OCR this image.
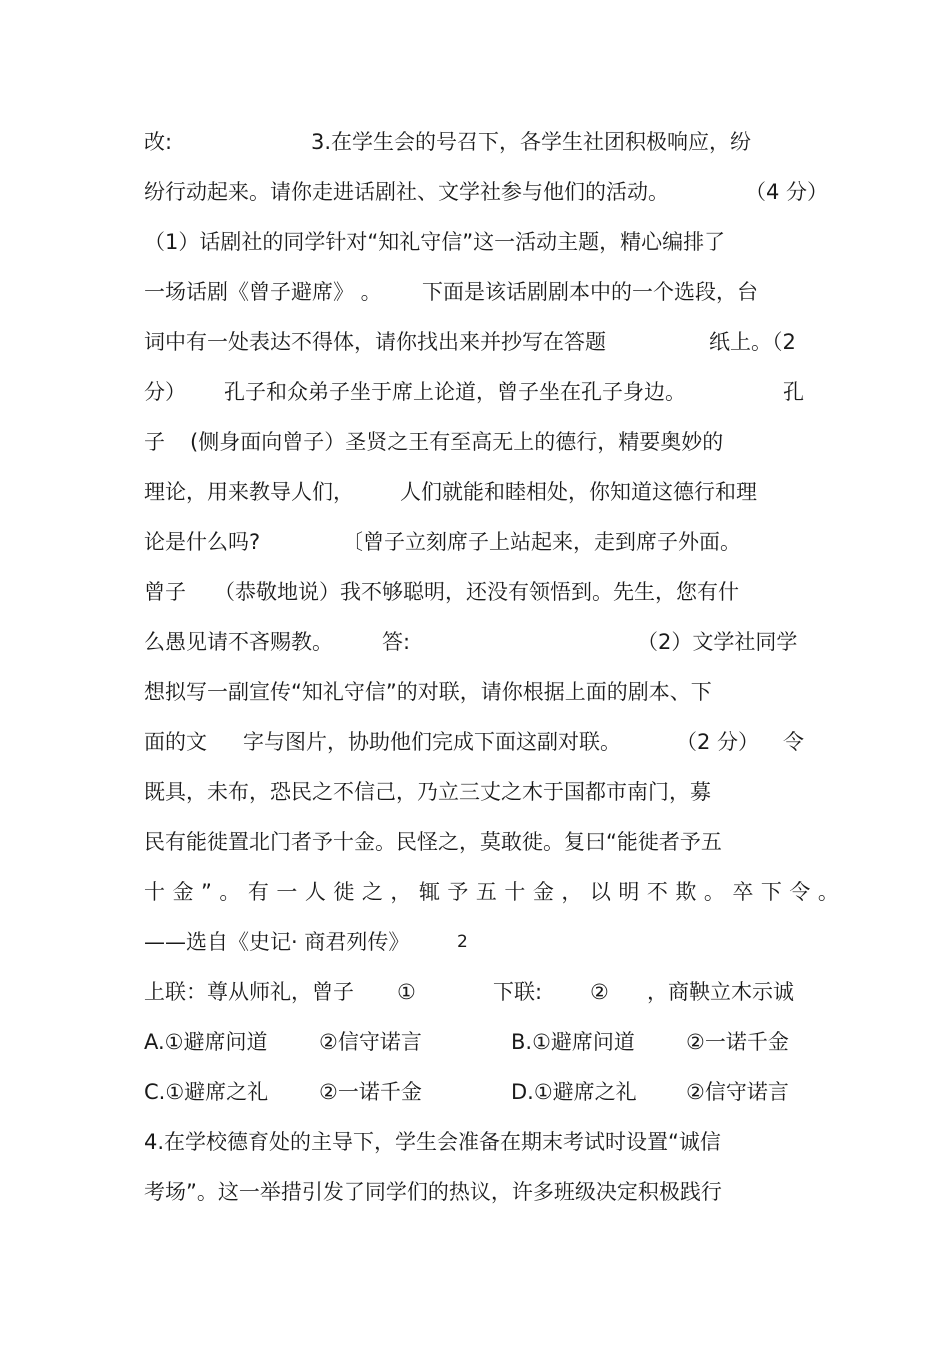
改:	3.在学生会的号召下，各学生社团积极响应，纷
纷行动起来。请你走进话剧社、文学社参与他们的活动。	（4 分）
（1）话剧社的同学针对“知礼守信”这一活动主题，精心编排了
一场话剧《曾子避席》 。 下面是该话剧剧本中的一个选段，台
词中有一处表达不得体，请你找出来并抄写在答题	纸上。（2
分） 孔子和众弟子坐于席上论道，曾子坐在孔子身边。	孔
子 (侧身面向曾子）圣贤之王有至高无上的德行，精要奥妙的
理论，用来教导人们， 人们就能和睦相处，你知道这德行和理
论是什么吗?	〔曾子立刻席子上站起来，走到席子外面。
曾子 （恭敬地说）我不够聪明，还没有领悟到。先生，您有什
么愚见请不吝赐教。 答:	（2）文学社同学
想拟写一副宣传“知礼守信”的对联，请你根据上面的剧本、下
面的文 字与图片，协助他们完成下面这副对联。	（2 分） 令
既具，未布，恐民之不信己，乃立三丈之木于国都市南门，募
民有能徙置北门者予十金。民怪之，莫敢徙。复曰“能徙者予五
十金”。有一人徙之，辄予五十金，以明不欺。卒下令。
——选自《史记· 商君列传》	2
上联：尊从师礼，曾子 ①	下联: ② ，商鞅立木示诚
A.①避席问道 ②信守诺言	B.①避席问道 ②一诺千金
C.①避席之礼 ②一诺千金	D.①避席之礼 ②信守诺言
4.在学校德育处的主导下，学生会准备在期末考试时设置“诚信
考场”。这一举措引发了同学们的热议，许多班级决定积极践行
